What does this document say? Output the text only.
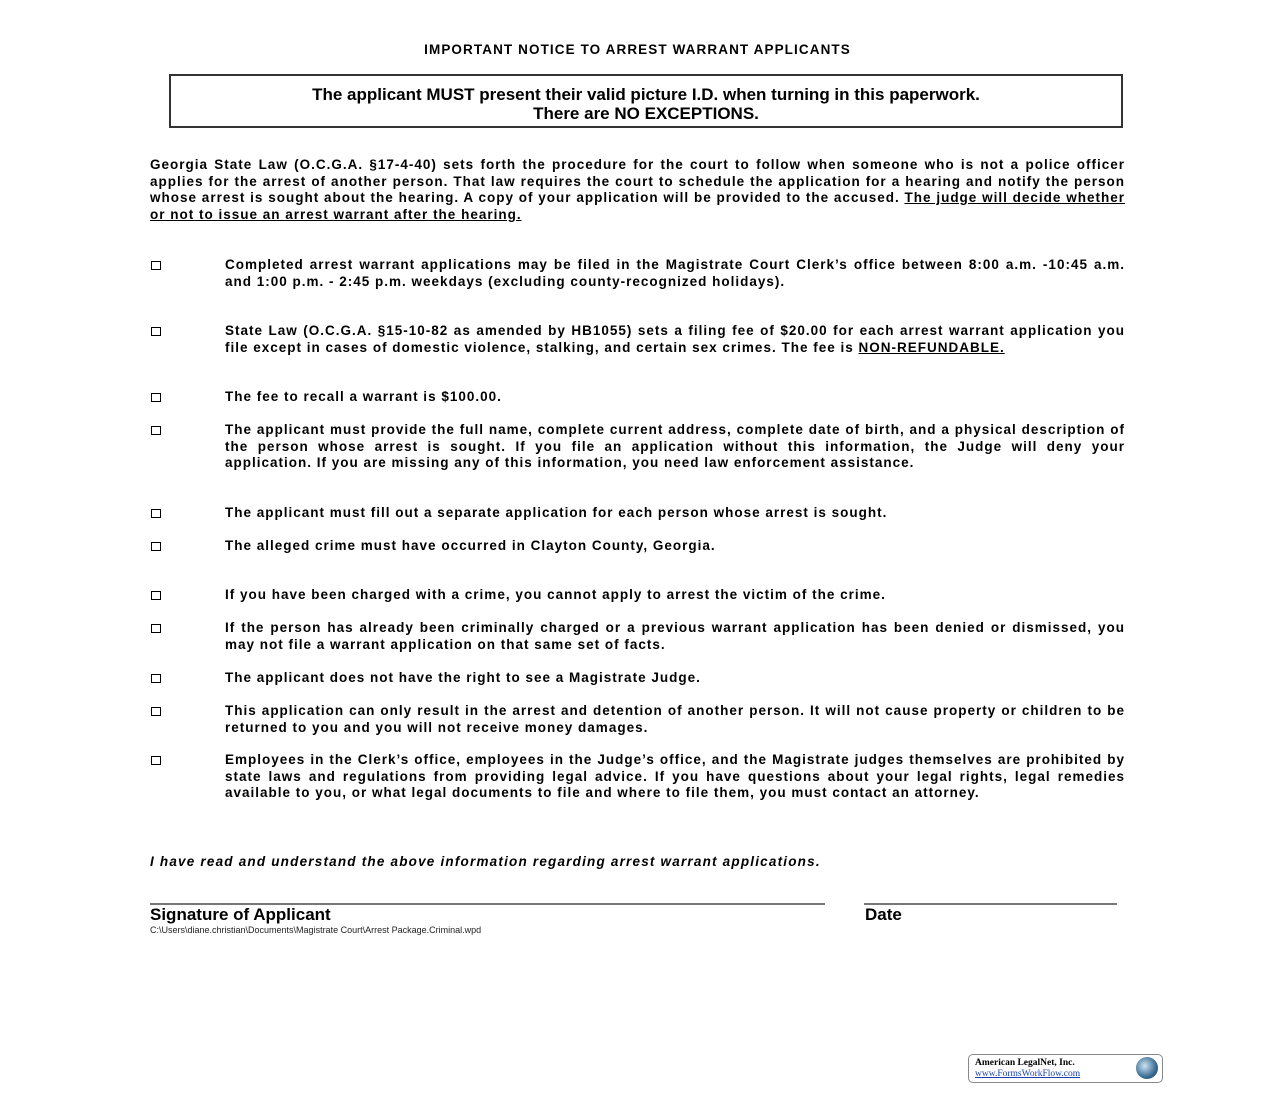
IMPORTANT NOTICE TO ARREST WARRANT APPLICANTS
The applicant MUST present their valid picture I.D. when turning in this paperwork.
There are NO EXCEPTIONS.
Georgia State Law (O.C.G.A. §17-4-40) sets forth the procedure for the court to follow when someone who is not a police officer applies for the arrest of another person. That law requires the court to schedule the application for a hearing and notify the person whose arrest is sought about the hearing. A copy of your application will be provided to the accused. The judge will decide whether or not to issue an arrest warrant after the hearing.
Completed arrest warrant applications may be filed in the Magistrate Court Clerk’s office between 8:00 a.m. -10:45 a.m. and 1:00 p.m. - 2:45 p.m. weekdays (excluding county-recognized holidays).
State Law (O.C.G.A. §15-10-82 as amended by HB1055) sets a filing fee of $20.00 for each arrest warrant application you file except in cases of domestic violence, stalking, and certain sex crimes. The fee is NON-REFUNDABLE.
The fee to recall a warrant is $100.00.
The applicant must provide the full name, complete current address, complete date of birth, and a physical description of the person whose arrest is sought. If you file an application without this information, the Judge will deny your application. If you are missing any of this information, you need law enforcement assistance.
The applicant must fill out a separate application for each person whose arrest is sought.
The alleged crime must have occurred in Clayton County, Georgia.
If you have been charged with a crime, you cannot apply to arrest the victim of the crime.
If the person has already been criminally charged or a previous warrant application has been denied or dismissed, you may not file a warrant application on that same set of facts.
The applicant does not have the right to see a Magistrate Judge.
This application can only result in the arrest and detention of another person. It will not cause property or children to be returned to you and you will not receive money damages.
Employees in the Clerk’s office, employees in the Judge’s office, and the Magistrate judges themselves are prohibited by state laws and regulations from providing legal advice. If you have questions about your legal rights, legal remedies available to you, or what legal documents to file and where to file them, you must contact an attorney.
I have read and understand the above information regarding arrest warrant applications.
Signature of Applicant	Date
C:\Users\diane.christian\Documents\Magistrate Court\Arrest Package.Criminal.wpd
American LegalNet, Inc.
www.FormsWorkFlow.com
